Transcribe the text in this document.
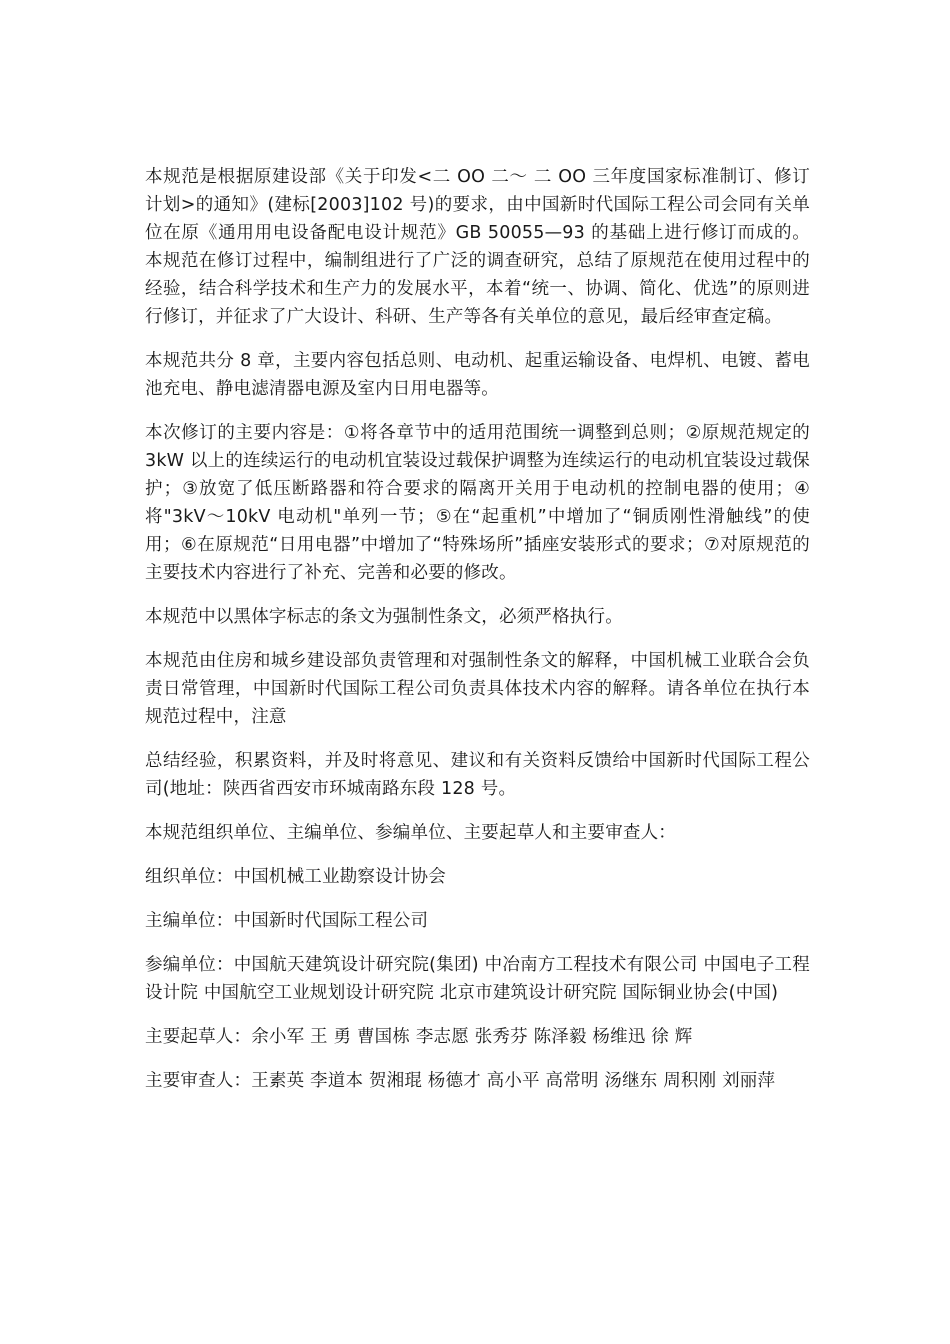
本规范是根据原建设部《关于印发<二 OO 二～ 二 OO 三年度国家标准制订、修订计划>的通知》(建标[2003]102 号)的要求，由中国新时代国际工程公司会同有关单位在原《通用用电设备配电设计规范》GB 50055—93 的基础上进行修订而成的。本规范在修订过程中，编制组进行了广泛的调查研究，总结了原规范在使用过程中的经验，结合科学技术和生产力的发展水平，本着“统一、协调、简化、优选”的原则进行修订，并征求了广大设计、科研、生产等各有关单位的意见，最后经审查定稿。

本规范共分 8 章，主要内容包括总则、电动机、起重运输设备、电焊机、电镀、蓄电池充电、静电滤清器电源及室内日用电器等。

本次修订的主要内容是：①将各章节中的适用范围统一调整到总则；②原规范规定的 3kW 以上的连续运行的电动机宜装设过载保护调整为连续运行的电动机宜装设过载保护；③放宽了低压断路器和符合要求的隔离开关用于电动机的控制电器的使用；④将"3kV～10kV 电动机"单列一节；⑤在“起重机”中增加了“铜质刚性滑触线”的使用；⑥在原规范“日用电器”中增加了“特殊场所”插座安装形式的要求；⑦对原规范的主要技术内容进行了补充、完善和必要的修改。

本规范中以黑体字标志的条文为强制性条文，必须严格执行。

本规范由住房和城乡建设部负责管理和对强制性条文的解释，中国机械工业联合会负责日常管理，中国新时代国际工程公司负责具体技术内容的解释。请各单位在执行本规范过程中，注意

总结经验，积累资料，并及时将意见、建议和有关资料反馈给中国新时代国际工程公司(地址：陕西省西安市环城南路东段 128 号。

本规范组织单位、主编单位、参编单位、主要起草人和主要审查人：

组织单位：中国机械工业勘察设计协会

主编单位：中国新时代国际工程公司

参编单位：中国航天建筑设计研究院(集团) 中冶南方工程技术有限公司 中国电子工程设计院 中国航空工业规划设计研究院 北京市建筑设计研究院 国际铜业协会(中国)

主要起草人：余小军 王 勇 曹国栋 李志愿 张秀芬 陈泽毅 杨维迅 徐 辉

主要审查人：王素英 李道本 贺湘琨 杨德才 高小平 高常明 汤继东 周积刚 刘丽萍
